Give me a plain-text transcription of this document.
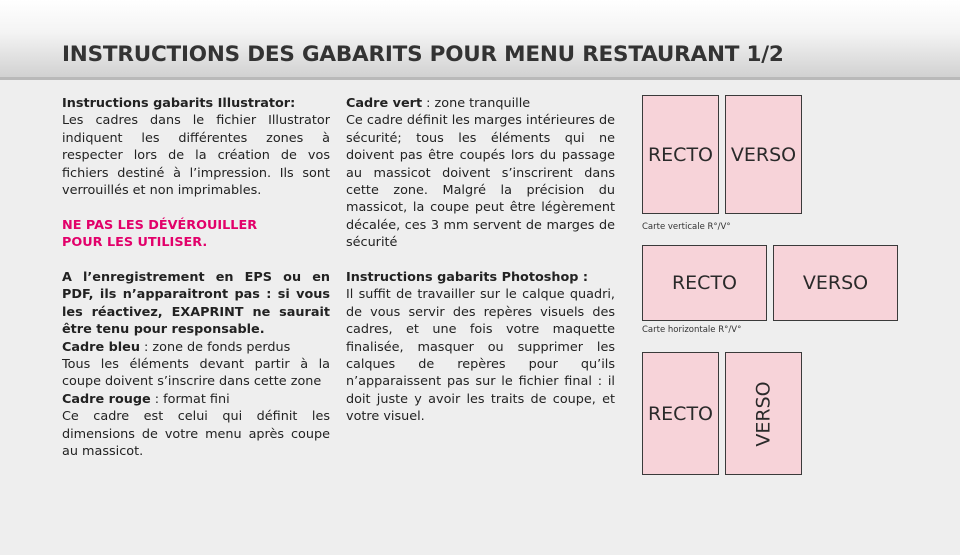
INSTRUCTIONS DES GABARITS POUR MENU RESTAURANT 1/2

Instructions gabarits Illustrator:

Les cadres dans le fichier Illustrator indiquent les différentes zones à respecter lors de la création de vos fichiers destiné à l’impression. Ils sont verrouillés et non imprimables.

NE PAS LES DÉVÉROUILLER

POUR LES UTILISER.

A l’enregistrement en EPS ou en PDF, ils n’apparaitront pas : si vous les réactivez, EXAPRINT ne saurait être tenu pour responsable.

Cadre bleu : zone de fonds perdus

Tous les éléments devant partir à la coupe doivent s’inscrire dans cette zone

Cadre rouge : format fini

Ce cadre est celui qui définit les dimensions de votre menu après coupe au massicot.

Cadre vert : zone tranquille

Ce cadre définit les marges intérieures de sécurité; tous les éléments qui ne doivent pas être coupés lors du passage au massicot doivent s’inscrirent dans cette zone. Malgré la précision du massicot, la coupe peut être légèrement décalée, ces 3 mm servent de marges de sécurité

Instructions gabarits Photoshop :

Il suffit de travailler sur le calque quadri, de vous servir des repères visuels des cadres, et une fois votre maquette finalisée, masquer ou supprimer les calques de repères pour qu’ils n’apparaissent pas sur le fichier final : il doit juste y avoir les traits de coupe, et votre visuel.

RECTO VERSO
Carte verticale R°/V°
RECTO	VERSO
Carte horizontale R°/V°
RECTO VERSO
